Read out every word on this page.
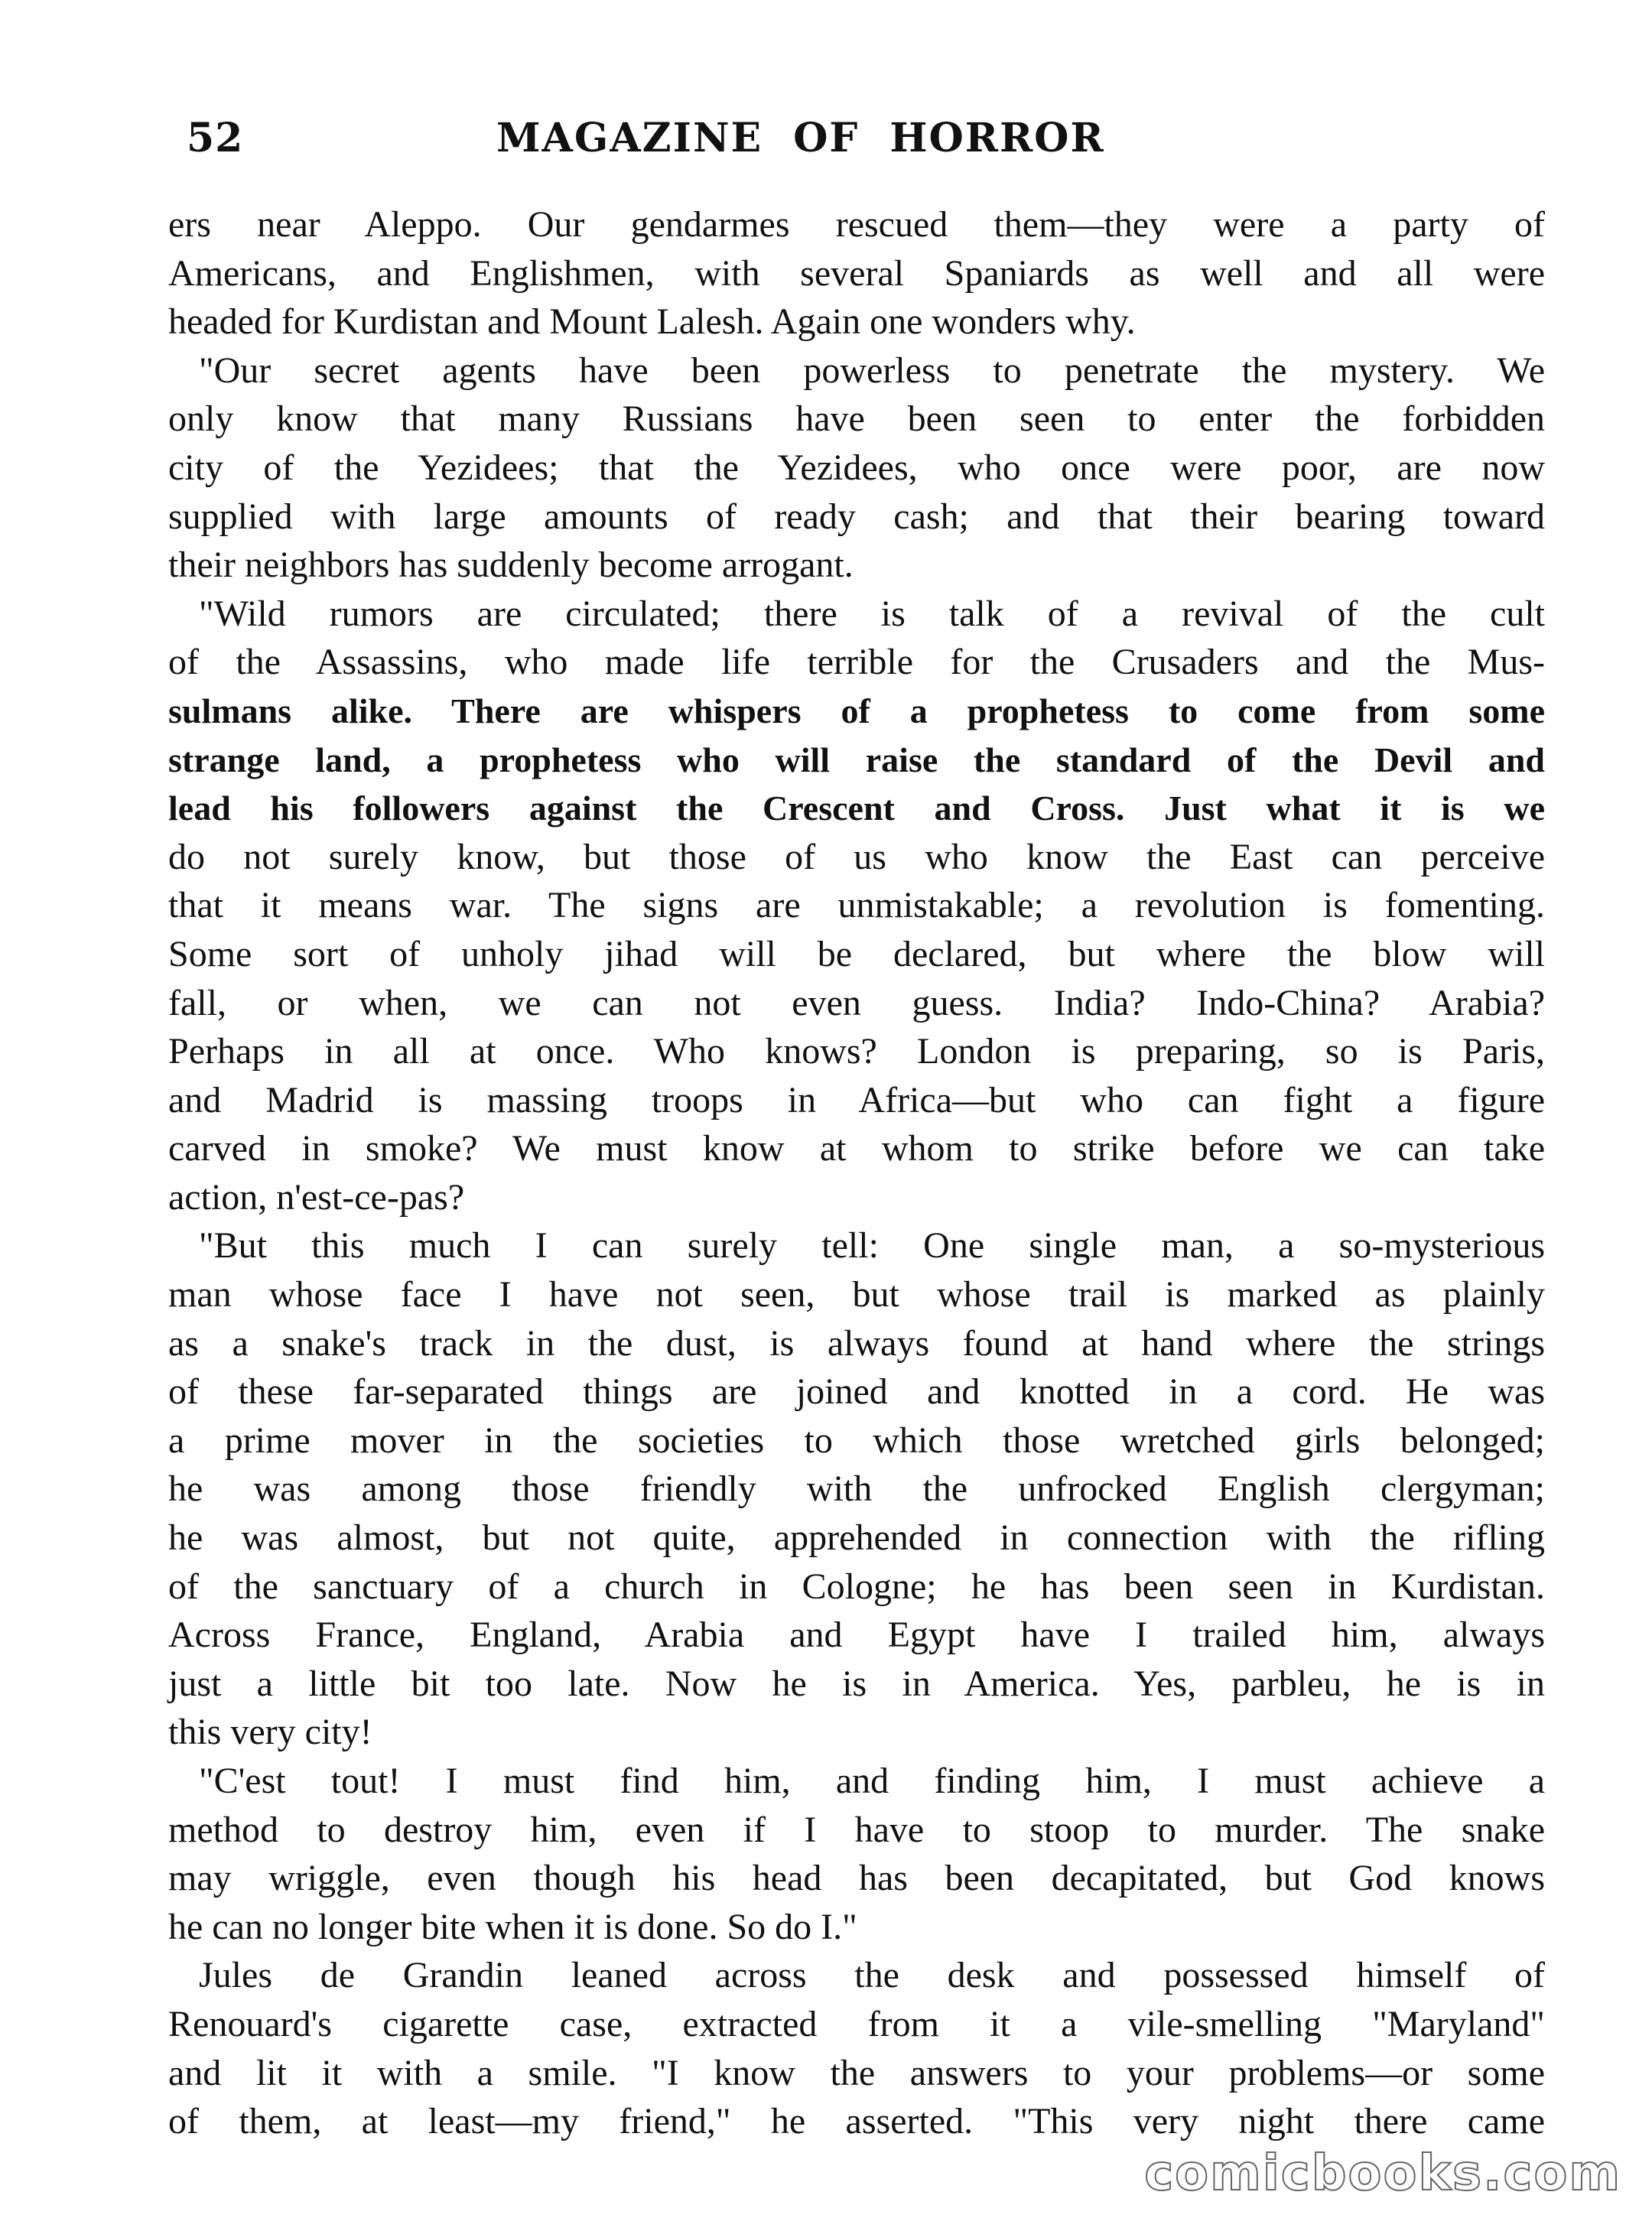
52	MAGAZINE OF HORROR
ers near Aleppo. Our gendarmes rescued them—they were a party of
Americans, and Englishmen, with several Spaniards as well and all were
headed for Kurdistan and Mount Lalesh. Again one wonders why.
"Our secret agents have been powerless to penetrate the mystery. We
only know that many Russians have been seen to enter the forbidden
city of the Yezidees; that the Yezidees, who once were poor, are now
supplied with large amounts of ready cash; and that their bearing toward
their neighbors has suddenly become arrogant.
"Wild rumors are circulated; there is talk of a revival of the cult
of the Assassins, who made life terrible for the Crusaders and the Mus-
sulmans alike. There are whispers of a prophetess to come from some
strange land, a prophetess who will raise the standard of the Devil and
lead his followers against the Crescent and Cross. Just what it is we
do not surely know, but those of us who know the East can perceive
that it means war. The signs are unmistakable; a revolution is fomenting.
Some sort of unholy jihad will be declared, but where the blow will
fall, or when, we can not even guess. India? Indo-China? Arabia?
Perhaps in all at once. Who knows? London is preparing, so is Paris,
and Madrid is massing troops in Africa—but who can fight a figure
carved in smoke? We must know at whom to strike before we can take
action, n'est-ce-pas?
"But this much I can surely tell: One single man, a so-mysterious
man whose face I have not seen, but whose trail is marked as plainly
as a snake's track in the dust, is always found at hand where the strings
of these far-separated things are joined and knotted in a cord. He was
a prime mover in the societies to which those wretched girls belonged;
he was among those friendly with the unfrocked English clergyman;
he was almost, but not quite, apprehended in connection with the rifling
of the sanctuary of a church in Cologne; he has been seen in Kurdistan.
Across France, England, Arabia and Egypt have I trailed him, always
just a little bit too late. Now he is in America. Yes, parbleu, he is in
this very city!
"C'est tout! I must find him, and finding him, I must achieve a
method to destroy him, even if I have to stoop to murder. The snake
may wriggle, even though his head has been decapitated, but God knows
he can no longer bite when it is done. So do I."
Jules de Grandin leaned across the desk and possessed himself of
Renouard's cigarette case, extracted from it a vile-smelling "Maryland"
and lit it with a smile. "I know the answers to your problems—or some
of them, at least—my friend," he asserted. "This very night there came
comicbooks.com
